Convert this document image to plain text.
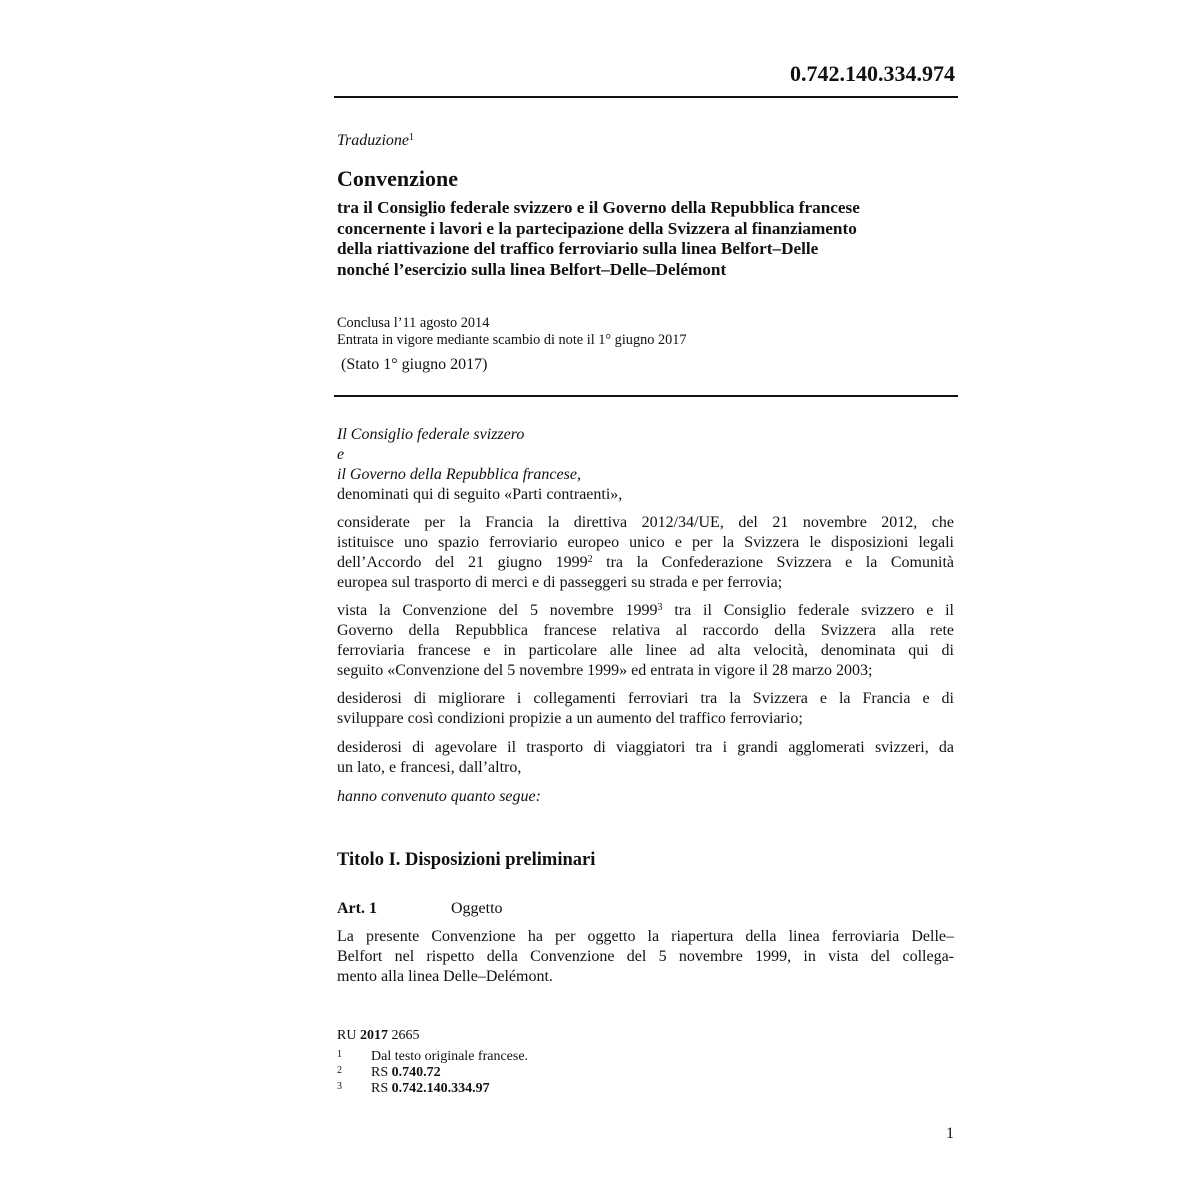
0.742.140.334.974
Traduzione$^1$
Convenzione
tra il Consiglio federale svizzero e il Governo della Repubblica francese
concernente i lavori e la partecipazione della Svizzera al finanziamento
della riattivazione del traffico ferroviario sulla linea Belfort–Delle
nonché l’esercizio sulla linea Belfort–Delle–Delémont
Conclusa l’11 agosto 2014
Entrata in vigore mediante scambio di note il 1° giugno 2017
(Stato 1° giugno 2017)
Il Consiglio federale svizzero
e
il Governo della Repubblica francese,
denominati qui di seguito «Parti contraenti»,
considerate per la Francia la direttiva 2012/34/UE, del 21 novembre 2012, che
istituisce uno spazio ferroviario europeo unico e per la Svizzera le disposizioni legali
dell’Accordo del 21 giugno 1999$^2$ tra la Confederazione Svizzera e la Comunità
europea sul trasporto di merci e di passeggeri su strada e per ferrovia;
vista la Convenzione del 5 novembre 1999$^3$ tra il Consiglio federale svizzero e il
Governo della Repubblica francese relativa al raccordo della Svizzera alla rete
ferroviaria francese e in particolare alle linee ad alta velocità, denominata qui di
seguito «Convenzione del 5 novembre 1999» ed entrata in vigore il 28 marzo 2003;
desiderosi di migliorare i collegamenti ferroviari tra la Svizzera e la Francia e di
sviluppare così condizioni propizie a un aumento del traffico ferroviario;
desiderosi di agevolare il trasporto di viaggiatori tra i grandi agglomerati svizzeri, da
un lato, e francesi, dall’altro,
hanno convenuto quanto segue:
Titolo I. Disposizioni preliminari
Art. 1	Oggetto
La presente Convenzione ha per oggetto la riapertura della linea ferroviaria Delle–
Belfort nel rispetto della Convenzione del 5 novembre 1999, in vista del collega-
mento alla linea Delle–Delémont.
RU 2017 2665
1 Dal testo originale francese.
2 RS 0.740.72
3 RS 0.742.140.334.97
1
